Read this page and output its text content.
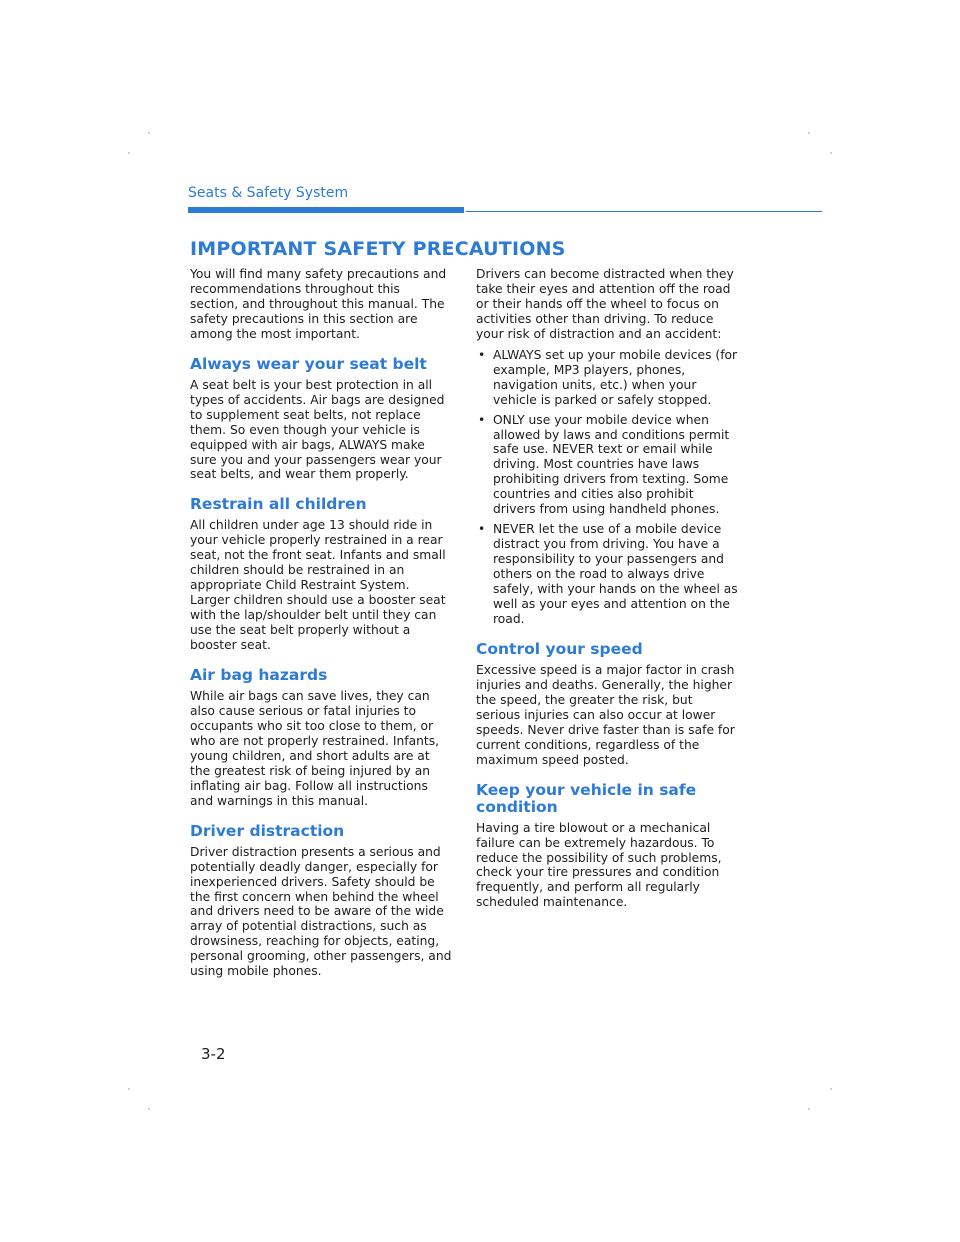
Seats & Safety System
IMPORTANT SAFETY PRECAUTIONS

You will find many safety precautions and recommendations throughout this section, and throughout this manual. The safety precautions in this section are among the most important.

Always wear your seat belt

A seat belt is your best protection in all types of accidents. Air bags are designed to supplement seat belts, not replace them. So even though your vehicle is equipped with air bags, ALWAYS make sure you and your passengers wear your seat belts, and wear them properly.

Restrain all children

All children under age 13 should ride in your vehicle properly restrained in a rear seat, not the front seat. Infants and small children should be restrained in an appropriate Child Restraint System. Larger children should use a booster seat with the lap/shoulder belt until they can use the seat belt properly without a booster seat.

Air bag hazards

While air bags can save lives, they can also cause serious or fatal injuries to occupants who sit too close to them, or who are not properly restrained. Infants, young children, and short adults are at the greatest risk of being injured by an inflating air bag. Follow all instructions and warnings in this manual.

Driver distraction

Driver distraction presents a serious and potentially deadly danger, especially for inexperienced drivers. Safety should be the first concern when behind the wheel and drivers need to be aware of the wide array of potential distractions, such as drowsiness, reaching for objects, eating, personal grooming, other passengers, and using mobile phones.

Drivers can become distracted when they take their eyes and attention off the road or their hands off the wheel to focus on activities other than driving. To reduce your risk of distraction and an accident:

• ALWAYS set up your mobile devices (for example, MP3 players, phones, navigation units, etc.) when your vehicle is parked or safely stopped.
• ONLY use your mobile device when allowed by laws and conditions permit safe use. NEVER text or email while driving. Most countries have laws prohibiting drivers from texting. Some countries and cities also prohibit drivers from using handheld phones.
• NEVER let the use of a mobile device distract you from driving. You have a responsibility to your passengers and others on the road to always drive safely, with your hands on the wheel as well as your eyes and attention on the road.
Control your speed

Excessive speed is a major factor in crash injuries and deaths. Generally, the higher the speed, the greater the risk, but serious injuries can also occur at lower speeds. Never drive faster than is safe for current conditions, regardless of the maximum speed posted.

Keep your vehicle in safe condition

Having a tire blowout or a mechanical failure can be extremely hazardous. To reduce the possibility of such problems, check your tire pressures and condition frequently, and perform all regularly scheduled maintenance.

3-2
